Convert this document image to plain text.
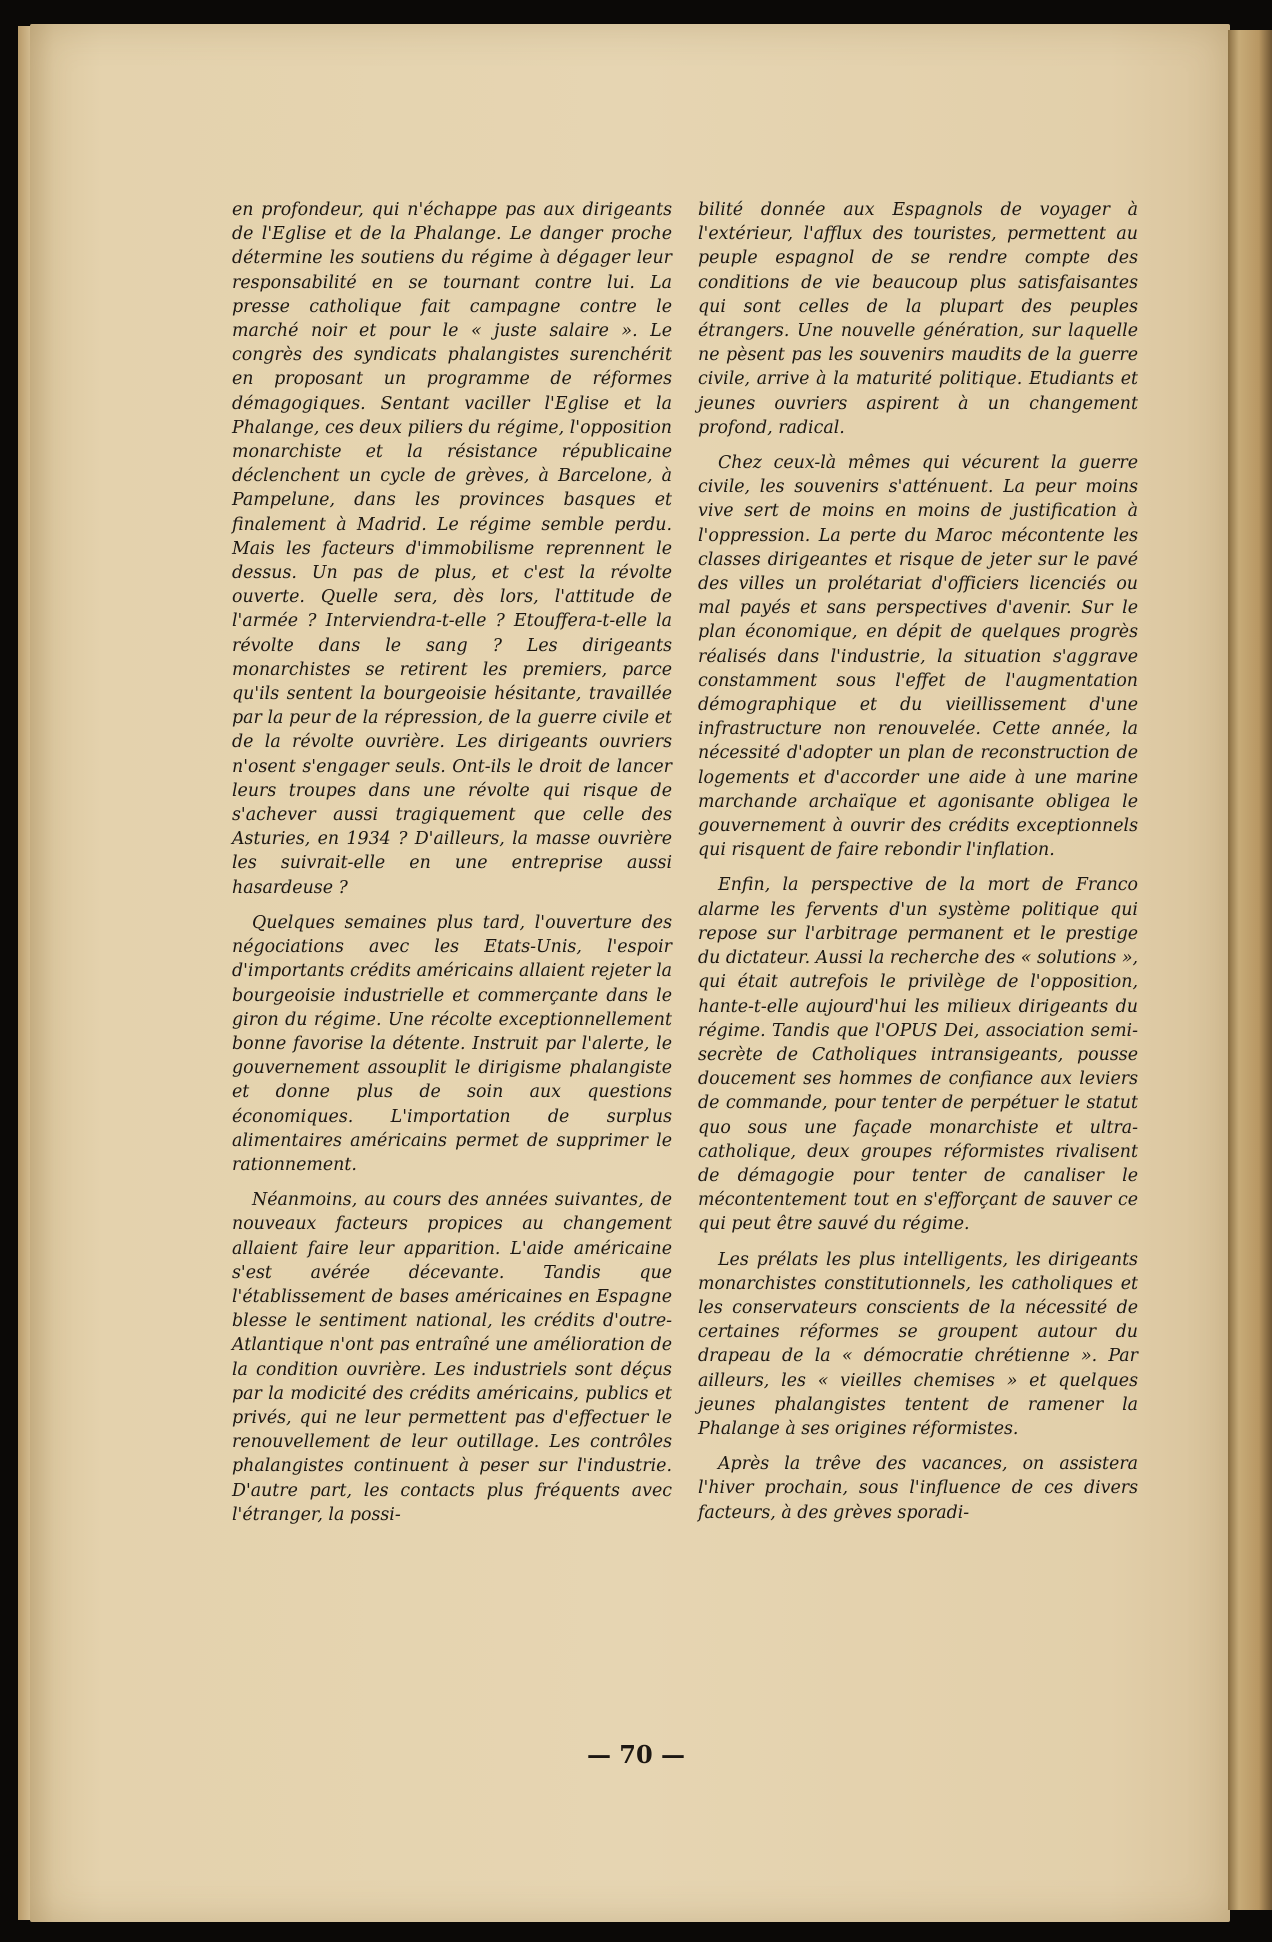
en profondeur, qui n'échappe pas aux dirigeants de l'Eglise et de la Phalange. Le danger proche détermine les soutiens du régime à dégager leur responsabilité en se tournant contre lui. La presse catholique fait campagne contre le marché noir et pour le « juste salaire ». Le congrès des syndicats phalangistes surenchérit en proposant un programme de réformes démagogiques. Sentant vaciller l'Eglise et la Phalange, ces deux piliers du régime, l'opposition monarchiste et la résistance républicaine déclenchent un cycle de grèves, à Barcelone, à Pampelune, dans les provinces basques et finalement à Madrid. Le régime semble perdu. Mais les facteurs d'immobilisme reprennent le dessus. Un pas de plus, et c'est la révolte ouverte. Quelle sera, dès lors, l'attitude de l'armée ? Interviendra-t-elle ? Etouffera-t-elle la révolte dans le sang ? Les dirigeants monarchistes se retirent les premiers, parce qu'ils sentent la bourgeoisie hésitante, travaillée par la peur de la répression, de la guerre civile et de la révolte ouvrière. Les dirigeants ouvriers n'osent s'engager seuls. Ont-ils le droit de lancer leurs troupes dans une révolte qui risque de s'achever aussi tragiquement que celle des Asturies, en 1934 ? D'ailleurs, la masse ouvrière les suivrait-elle en une entreprise aussi hasardeuse ?

Quelques semaines plus tard, l'ouverture des négociations avec les Etats-Unis, l'espoir d'importants crédits américains allaient rejeter la bourgeoisie industrielle et commerçante dans le giron du régime. Une récolte exceptionnellement bonne favorise la détente. Instruit par l'alerte, le gouvernement assouplit le dirigisme phalangiste et donne plus de soin aux questions économiques. L'importation de surplus alimentaires américains permet de supprimer le rationnement.

Néanmoins, au cours des années suivantes, de nouveaux facteurs propices au changement allaient faire leur apparition. L'aide américaine s'est avérée décevante. Tandis que l'établissement de bases américaines en Espagne blesse le sentiment national, les crédits d'outre-Atlantique n'ont pas entraîné une amélioration de la condition ouvrière. Les industriels sont déçus par la modicité des crédits américains, publics et privés, qui ne leur permettent pas d'effectuer le renouvellement de leur outillage. Les contrôles phalangistes continuent à peser sur l'industrie. D'autre part, les contacts plus fréquents avec l'étranger, la possi-

bilité donnée aux Espagnols de voyager à l'extérieur, l'afflux des touristes, permettent au peuple espagnol de se rendre compte des conditions de vie beaucoup plus satisfaisantes qui sont celles de la plupart des peuples étrangers. Une nouvelle génération, sur laquelle ne pèsent pas les souvenirs maudits de la guerre civile, arrive à la maturité politique. Etudiants et jeunes ouvriers aspirent à un changement profond, radical.

Chez ceux-là mêmes qui vécurent la guerre civile, les souvenirs s'atténuent. La peur moins vive sert de moins en moins de justification à l'oppression. La perte du Maroc mécontente les classes dirigeantes et risque de jeter sur le pavé des villes un prolétariat d'officiers licenciés ou mal payés et sans perspectives d'avenir. Sur le plan économique, en dépit de quelques progrès réalisés dans l'industrie, la situation s'aggrave constamment sous l'effet de l'augmentation démographique et du vieillissement d'une infrastructure non renouvelée. Cette année, la nécessité d'adopter un plan de reconstruction de logements et d'accorder une aide à une marine marchande archaïque et agonisante obligea le gouvernement à ouvrir des crédits exceptionnels qui risquent de faire rebondir l'inflation.

Enfin, la perspective de la mort de Franco alarme les fervents d'un système politique qui repose sur l'arbitrage permanent et le prestige du dictateur. Aussi la recherche des « solutions », qui était autrefois le privilège de l'opposition, hante-t-elle aujourd'hui les milieux dirigeants du régime. Tandis que l'OPUS Dei, association semi-secrète de Catholiques intransigeants, pousse doucement ses hommes de confiance aux leviers de commande, pour tenter de perpétuer le statut quo sous une façade monarchiste et ultra-catholique, deux groupes réformistes rivalisent de démagogie pour tenter de canaliser le mécontentement tout en s'efforçant de sauver ce qui peut être sauvé du régime.

Les prélats les plus intelligents, les dirigeants monarchistes constitutionnels, les catholiques et les conservateurs conscients de la nécessité de certaines réformes se groupent autour du drapeau de la « démocratie chrétienne ». Par ailleurs, les « vieilles chemises » et quelques jeunes phalangistes tentent de ramener la Phalange à ses origines réformistes.

Après la trêve des vacances, on assistera l'hiver prochain, sous l'influence de ces divers facteurs, à des grèves sporadi-

— 70 —
